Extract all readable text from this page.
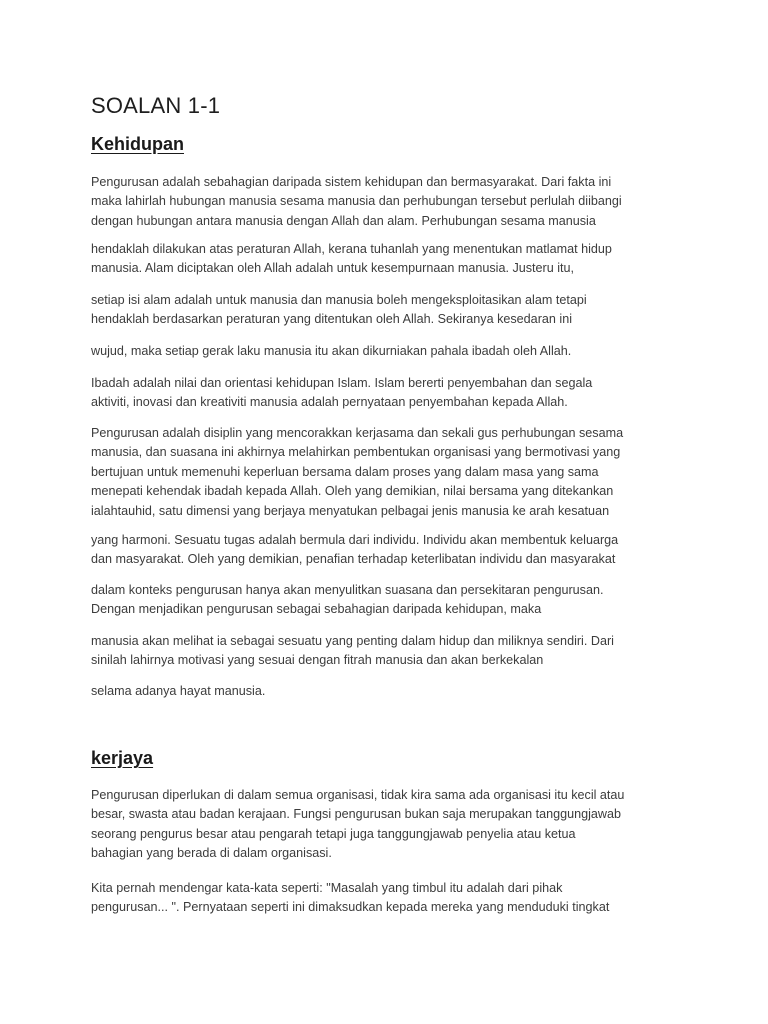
SOALAN 1-1
Kehidupan

Pengurusan adalah sebahagian daripada sistem kehidupan dan bermasyarakat. Dari fakta ini
maka lahirlah hubungan manusia sesama manusia dan perhubungan tersebut perlulah diibangi
dengan hubungan antara manusia dengan Allah dan alam. Perhubungan sesama manusia

hendaklah dilakukan atas peraturan Allah, kerana tuhanlah yang menentukan matlamat hidup
manusia. Alam diciptakan oleh Allah adalah untuk kesempurnaan manusia. Justeru itu,

setiap isi alam adalah untuk manusia dan manusia boleh mengeksploitasikan alam tetapi
hendaklah berdasarkan peraturan yang ditentukan oleh Allah. Sekiranya kesedaran ini

wujud, maka setiap gerak laku manusia itu akan dikurniakan pahala ibadah oleh Allah.

Ibadah adalah nilai dan orientasi kehidupan Islam. Islam bererti penyembahan dan segala
aktiviti, inovasi dan kreativiti manusia adalah pernyataan penyembahan kepada Allah.

Pengurusan adalah disiplin yang mencorakkan kerjasama dan sekali gus perhubungan sesama
manusia, dan suasana ini akhirnya melahirkan pembentukan organisasi yang bermotivasi yang
bertujuan untuk memenuhi keperluan bersama dalam proses yang dalam masa yang sama
menepati kehendak ibadah kepada Allah. Oleh yang demikian, nilai bersama yang ditekankan
ialahtauhid, satu dimensi yang berjaya menyatukan pelbagai jenis manusia ke arah kesatuan

yang harmoni. Sesuatu tugas adalah bermula dari individu. Individu akan membentuk keluarga
dan masyarakat. Oleh yang demikian, penafian terhadap keterlibatan individu dan masyarakat

dalam konteks pengurusan hanya akan menyulitkan suasana dan persekitaran pengurusan.
Dengan menjadikan pengurusan sebagai sebahagian daripada kehidupan, maka

manusia akan melihat ia sebagai sesuatu yang penting dalam hidup dan miliknya sendiri. Dari
sinilah lahirnya motivasi yang sesuai dengan fitrah manusia dan akan berkekalan

selama adanya hayat manusia.

kerjaya

Pengurusan diperlukan di dalam semua organisasi, tidak kira sama ada organisasi itu kecil atau
besar, swasta atau badan kerajaan. Fungsi pengurusan bukan saja merupakan tanggungjawab
seorang pengurus besar atau pengarah tetapi juga tanggungjawab penyelia atau ketua
bahagian yang berada di dalam organisasi.

Kita pernah mendengar kata-kata seperti: "Masalah yang timbul itu adalah dari pihak
pengurusan... ". Pernyataan seperti ini dimaksudkan kepada mereka yang menduduki tingkat
